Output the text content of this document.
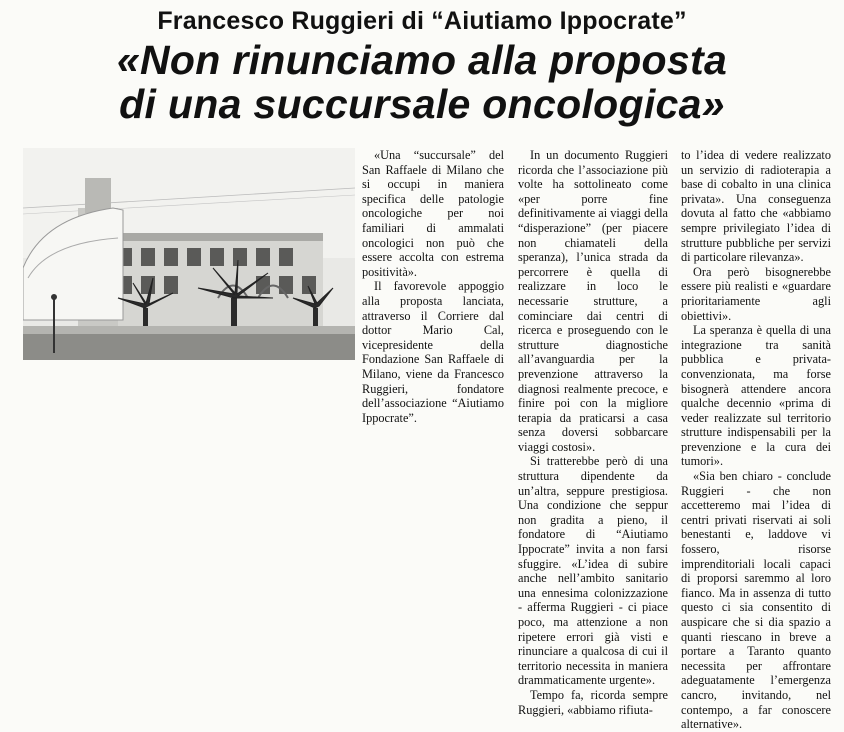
Francesco Ruggieri di “Aiutiamo Ippocrate”
«Non rinunciamo alla proposta
di una succursale oncologica»

«Una “succursale” del San Raffaele di Milano che si occupi in maniera specifica delle patologie oncologiche per noi familiari di ammalati oncologici non può che essere accolta con estrema positività».

Il favorevole appoggio alla proposta lanciata, attraverso il Corriere dal dottor Mario Cal, vicepresidente della Fondazione San Raffaele di Milano, viene da Francesco Ruggieri, fondatore dell’associazione “Aiutiamo Ippocrate”.

In un documento Ruggieri ricorda che l’associazione più volte ha sottolineato come «per porre fine definitivamente ai viaggi della “disperazione” (per piacere non chiamateli della speranza), l’unica strada da percorrere è quella di realizzare in loco le necessarie strutture, a cominciare dai centri di ricerca e proseguendo con le strutture diagnostiche all’avanguardia per la prevenzione attraverso la diagnosi realmente precoce, e finire poi con la migliore terapia da praticarsi a casa senza doversi sobbarcare viaggi costosi».

Si tratterebbe però di una struttura dipendente da un’altra, seppure prestigiosa. Una condizione che seppur non gradita a pieno, il fondatore di “Aiutiamo Ippocrate” invita a non farsi sfuggire. «L’idea di subire anche nell’ambito sanitario una ennesima colonizzazione - afferma Ruggieri - ci piace poco, ma attenzione a non ripetere errori già visti e rinunciare a qualcosa di cui il territorio necessita in maniera drammaticamente urgente».

Tempo fa, ricorda sempre Ruggieri, «abbiamo rifiuta-

to l’idea di vedere realizzato un servizio di radioterapia a base di cobalto in una clinica privata». Una conseguenza dovuta al fatto che «abbiamo sempre privilegiato l’idea di strutture pubbliche per servizi di particolare rilevanza».

Ora però bisognerebbe essere più realisti e «guardare prioritariamente agli obiettivi».

La speranza è quella di una integrazione tra sanità pubblica e privata-convenzionata, ma forse bisognerà attendere ancora qualche decennio «prima di veder realizzate sul territorio strutture indispensabili per la prevenzione e la cura dei tumori».

«Sia ben chiaro - conclude Ruggieri - che non accetteremo mai l’idea di centri privati riservati ai soli benestanti e, laddove vi fossero, risorse imprenditoriali locali capaci di proporsi saremmo al loro fianco. Ma in assenza di tutto questo ci sia consentito di auspicare che si dia spazio a quanti riescano in breve a portare a Taranto quanto necessita per affrontare adeguatamente l’emergenza cancro, invitando, nel contempo, a far conoscere alternative».
